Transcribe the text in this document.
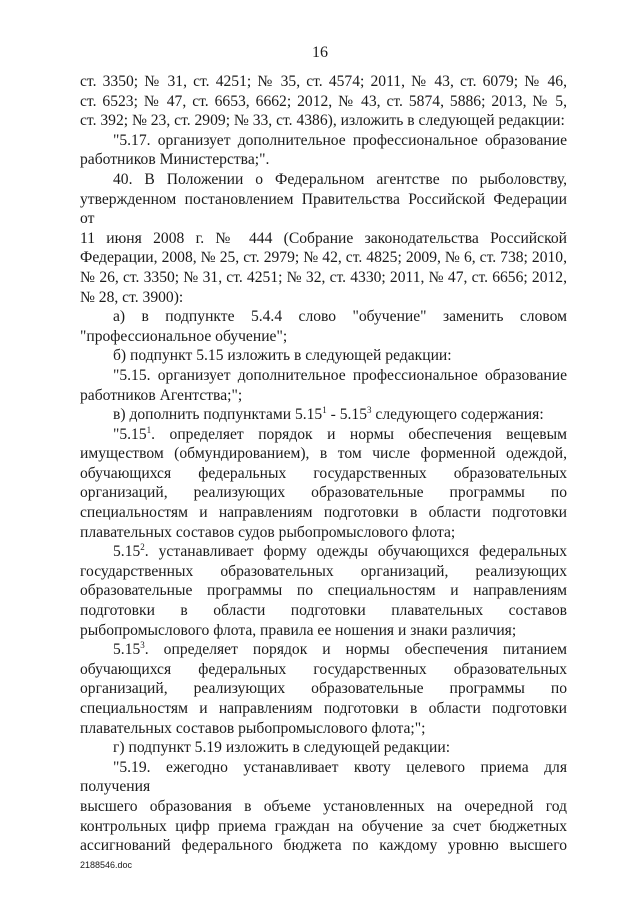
16

ст. 3350; № 31, ст. 4251; № 35, ст. 4574; 2011, № 43, ст. 6079; № 46,

ст. 6523; № 47, ст. 6653, 6662; 2012, № 43, ст. 5874, 5886; 2013, № 5,

ст. 392; № 23, ст. 2909; № 33, ст. 4386), изложить в следующей редакции:

"5.17. организует дополнительное профессиональное образование

работников Министерства;".

40. В Положении о Федеральном агентстве по рыболовству,

утвержденном постановлением Правительства Российской Федерации от

11 июня 2008 г. № 444 (Собрание законодательства Российской

Федерации, 2008, № 25, ст. 2979; № 42, ст. 4825; 2009, № 6, ст. 738; 2010,

№ 26, ст. 3350; № 31, ст. 4251; № 32, ст. 4330; 2011, № 47, ст. 6656; 2012,

№ 28, ст. 3900):

а) в подпункте 5.4.4 слово "обучение" заменить словом

"профессиональное обучение";

б) подпункт 5.15 изложить в следующей редакции:

"5.15. организует дополнительное профессиональное образование

работников Агентства;";

в) дополнить подпунктами 5.15$^1$ - 5.15$^3$ следующего содержания:

"5.15$^1$. определяет порядок и нормы обеспечения вещевым

имуществом (обмундированием), в том числе форменной одеждой,

обучающихся федеральных государственных образовательных

организаций, реализующих образовательные программы по

специальностям и направлениям подготовки в области подготовки

плавательных составов судов рыбопромыслового флота;

5.15$^2$. устанавливает форму одежды обучающихся федеральных

государственных образовательных организаций, реализующих

образовательные программы по специальностям и направлениям

подготовки в области подготовки плавательных составов

рыбопромыслового флота, правила ее ношения и знаки различия;

5.15$^3$. определяет порядок и нормы обеспечения питанием

обучающихся федеральных государственных образовательных

организаций, реализующих образовательные программы по

специальностям и направлениям подготовки в области подготовки

плавательных составов рыбопромыслового флота;";

г) подпункт 5.19 изложить в следующей редакции:

"5.19. ежегодно устанавливает квоту целевого приема для получения

высшего образования в объеме установленных на очередной год

контрольных цифр приема граждан на обучение за счет бюджетных

ассигнований федерального бюджета по каждому уровню высшего

2188546.doc
